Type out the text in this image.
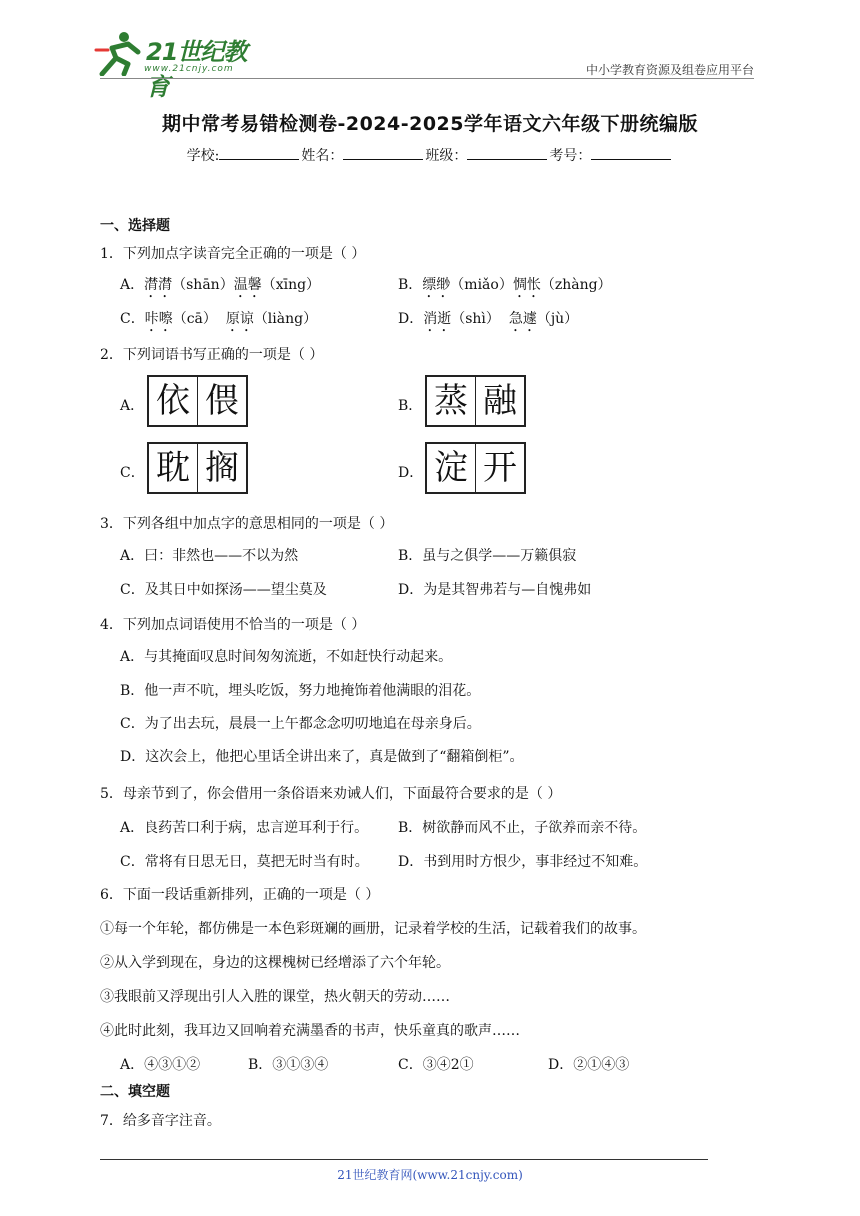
21世纪教育
www.21cnjy.com	中小学教育资源及组卷应用平台
期中常考易错检测卷-2024-2025学年语文六年级下册统编版
学校:	姓名：	班级：	考号：
一、选择题
1．下列加点字读音完全正确的一项是（ ）
A．潸潸（shān）温馨（xīng）	B．缥缈（miǎo）惆怅（zhàng）
C．咔嚓（cā）  原谅（liàng）	D．消逝（shì）  急遽（jù）
2．下列词语书写正确的一项是（ ）
A． 依 偎	B． 蒸 融
C． 耽 搁	D． 淀 开
3．下列各组中加点字的意思相同的一项是（ ）
A．曰：非然也——不以为然	B．虽与之俱学——万籁俱寂
C．及其日中如探汤——望尘莫及	D．为是其智弗若与—自愧弗如
4．下列加点词语使用不恰当的一项是（ ）
A．与其掩面叹息时间匆匆流逝，不如赶快行动起来。
B．他一声不吭，埋头吃饭，努力地掩饰着他满眼的泪花。
C．为了出去玩，晨晨一上午都念念叨叨地追在母亲身后。
D．这次会上，他把心里话全讲出来了，真是做到了“翻箱倒柜”。
5．母亲节到了，你会借用一条俗语来劝诫人们，下面最符合要求的是（ ）
A．良药苦口利于病，忠言逆耳利于行。 B．树欲静而风不止，子欲养而亲不待。
C．常将有日思无日，莫把无时当有时。 D．书到用时方恨少，事非经过不知难。
6．下面一段话重新排列，正确的一项是（ ）
①每一个年轮，都仿佛是一本色彩斑斓的画册，记录着学校的生活，记载着我们的故事。
②从入学到现在，身边的这棵槐树已经增添了六个年轮。
③我眼前又浮现出引人入胜的课堂，热火朝天的劳动……
④此时此刻，我耳边又回响着充满墨香的书声，快乐童真的歌声……
A．④③①②	B．③①③④	C．③④2①	D．②①④③
二、填空题
7．给多音字注音。
21世纪教育网(www.21cnjy.com)
